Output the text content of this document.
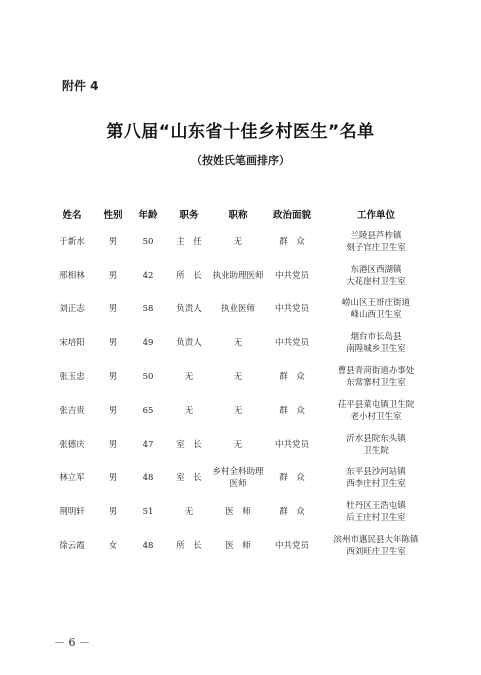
附件 4
第八届“山东省十佳乡村医生”名单
（按姓氏笔画排序）
姓名	性别	年龄	职务	职称	政治面貌	工作单位
于新水	男	50	主　任	无	群　众	兰陵县芦柞镇
刻子官庄卫生室

邢相林	男	42	所　长	执业助理医师	中共党员	东港区西湖镇
大花崖村卫生室

刘正志	男	58	负责人	执业医师	中共党员	崂山区王哥庄街道
峰山西卫生室

宋培阳	男	49	负责人	无	中共党员	烟台市长岛县
南隍城乡卫生室

张玉忠	男	50	无	无	群　众	曹县青菏街道办事处
东常寨村卫生室

张吉贵	男	65	无	无	群　众	茌平县菜屯镇卫生院
老小村卫生室

张德庆	男	47	室　长	无	中共党员	沂水县院东头镇
卫生院

林立军	男	48	室　长	乡村全科助理医师	群　众	东平县沙河站镇
西李庄村卫生室

荆明轩	男	51	无	医　师	群　众	牡丹区王浩屯镇
后王庄村卫生室

徐云霞	女	48	所　长	医　师	中共党员	滨州市惠民县大年陈镇
西刘旺庄卫生室
－ 6 －
